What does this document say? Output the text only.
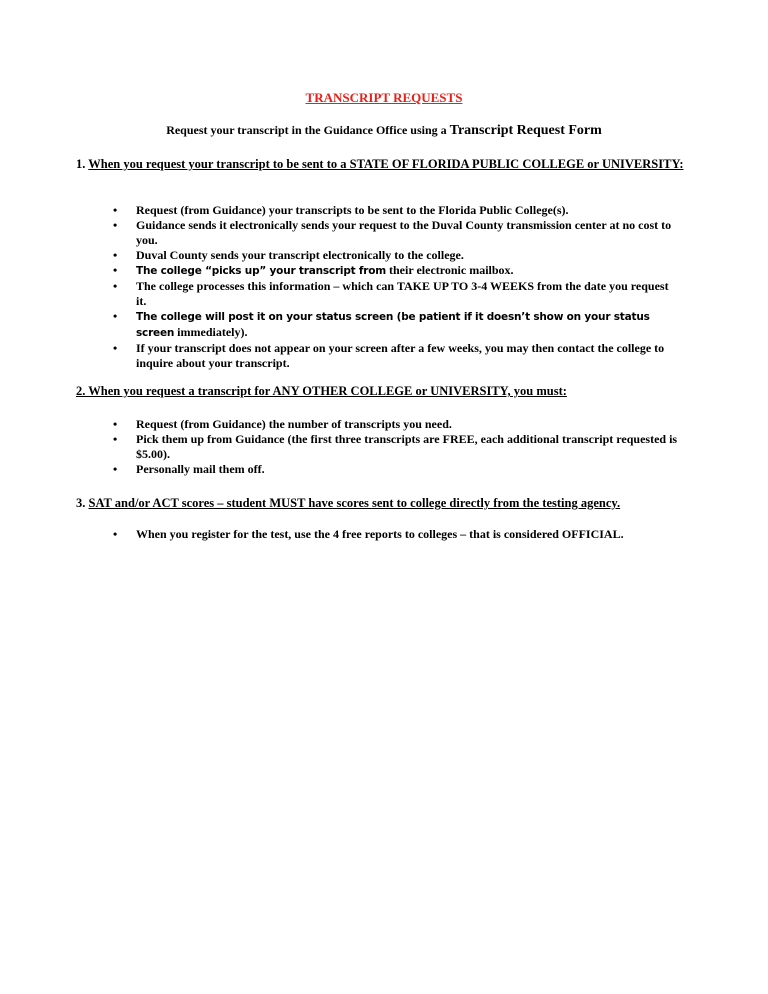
TRANSCRIPT REQUESTS
Request your transcript in the Guidance Office using a Transcript Request Form
1. When you request your transcript to be sent to a STATE OF FLORIDA PUBLIC COLLEGE or UNIVERSITY:
• Request (from Guidance) your transcripts to be sent to the Florida Public College(s).
• Guidance sends it electronically sends your request to the Duval County transmission center at no cost to you.
• Duval County sends your transcript electronically to the college.
• The college “picks up” your transcript from their electronic mailbox.
• The college processes this information – which can TAKE UP TO 3-4 WEEKS from the date you request it.
• The college will post it on your status screen (be patient if it doesn’t show on your status screen immediately).
• If your transcript does not appear on your screen after a few weeks, you may then contact the college to inquire about your transcript.
2. When you request a transcript for ANY OTHER COLLEGE or UNIVERSITY, you must:
• Request (from Guidance) the number of transcripts you need.
• Pick them up from Guidance (the first three transcripts are FREE, each additional transcript requested is $5.00).
• Personally mail them off.
3. SAT and/or ACT scores – student MUST have scores sent to college directly from the testing agency.
• When you register for the test, use the 4 free reports to colleges – that is considered OFFICIAL.
